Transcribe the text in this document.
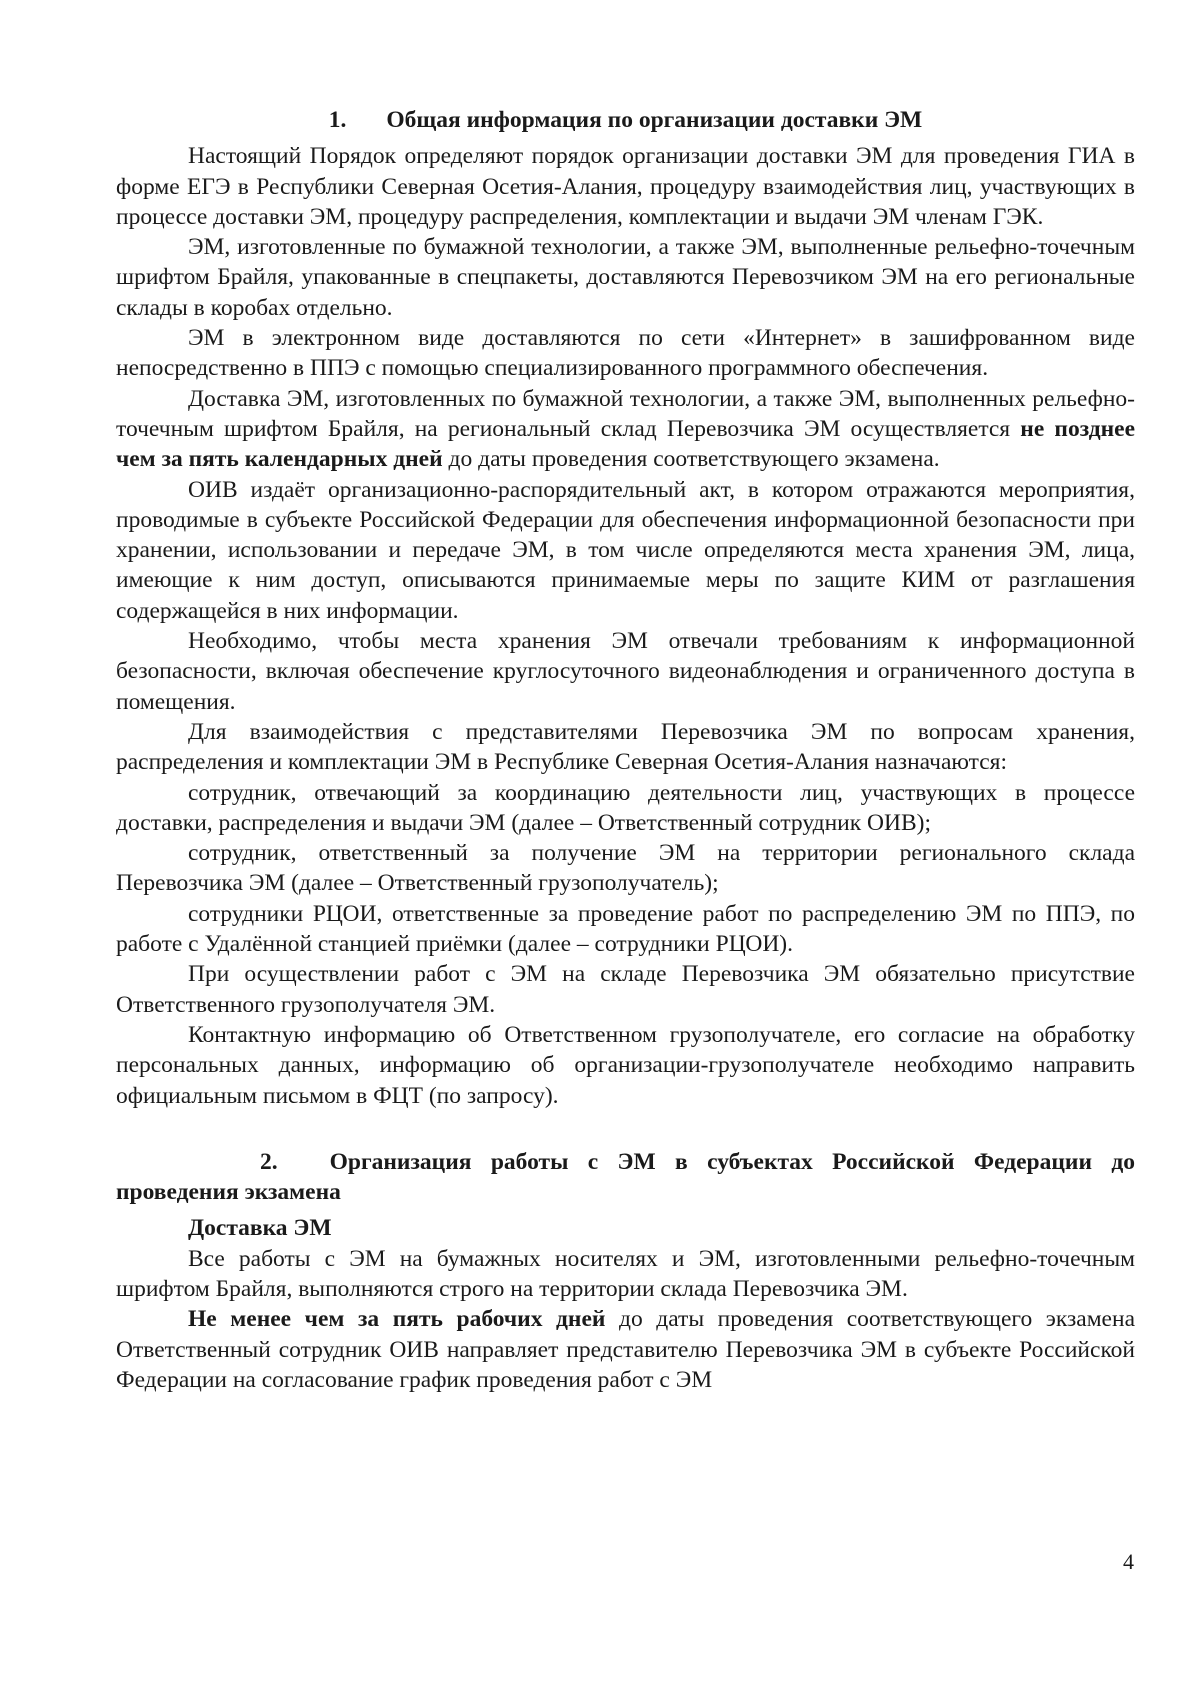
1. Общая информация по организации доставки ЭМ

Настоящий Порядок определяют порядок организации доставки ЭМ для проведения ГИА в форме ЕГЭ в Республики Северная Осетия-Алания, процедуру взаимодействия лиц, участвующих в процессе доставки ЭМ, процедуру распределения, комплектации и выдачи ЭМ членам ГЭК.

ЭМ, изготовленные по бумажной технологии, а также ЭМ, выполненные рельефно-точечным шрифтом Брайля, упакованные в спецпакеты, доставляются Перевозчиком ЭМ на его региональные склады в коробах отдельно.

ЭМ в электронном виде доставляются по сети «Интернет» в зашифрованном виде непосредственно в ППЭ с помощью специализированного программного обеспечения.

Доставка ЭМ, изготовленных по бумажной технологии, а также ЭМ, выполненных рельефно-точечным шрифтом Брайля, на региональный склад Перевозчика ЭМ осуществляется не позднее чем за пять календарных дней до даты проведения соответствующего экзамена.

ОИВ издаёт организационно-распорядительный акт, в котором отражаются мероприятия, проводимые в субъекте Российской Федерации для обеспечения информационной безопасности при хранении, использовании и передаче ЭМ, в том числе определяются места хранения ЭМ, лица, имеющие к ним доступ, описываются принимаемые меры по защите КИМ от разглашения содержащейся в них информации.

Необходимо, чтобы места хранения ЭМ отвечали требованиям к информационной безопасности, включая обеспечение круглосуточного видеонаблюдения и ограниченного доступа в помещения.

Для взаимодействия с представителями Перевозчика ЭМ по вопросам хранения, распределения и комплектации ЭМ в Республике Северная Осетия-Алания назначаются:

сотрудник, отвечающий за координацию деятельности лиц, участвующих в процессе доставки, распределения и выдачи ЭМ (далее – Ответственный сотрудник ОИВ);

сотрудник, ответственный за получение ЭМ на территории регионального склада Перевозчика ЭМ (далее – Ответственный грузополучатель);

сотрудники РЦОИ, ответственные за проведение работ по распределению ЭМ по ППЭ, по работе с Удалённой станцией приёмки (далее – сотрудники РЦОИ).

При осуществлении работ с ЭМ на складе Перевозчика ЭМ обязательно присутствие Ответственного грузополучателя ЭМ.

Контактную информацию об Ответственном грузополучателе, его согласие на обработку персональных данных, информацию об организации-грузополучателе необходимо направить официальным письмом в ФЦТ (по запросу).

2. Организация работы с ЭМ в субъектах Российской Федерации до проведения экзамена
Доставка ЭМ

Все работы с ЭМ на бумажных носителях и ЭМ, изготовленными рельефно-точечным шрифтом Брайля, выполняются строго на территории склада Перевозчика ЭМ.

Не менее чем за пять рабочих дней до даты проведения соответствующего экзамена Ответственный сотрудник ОИВ направляет представителю Перевозчика ЭМ в субъекте Российской Федерации на согласование график проведения работ с ЭМ

4
